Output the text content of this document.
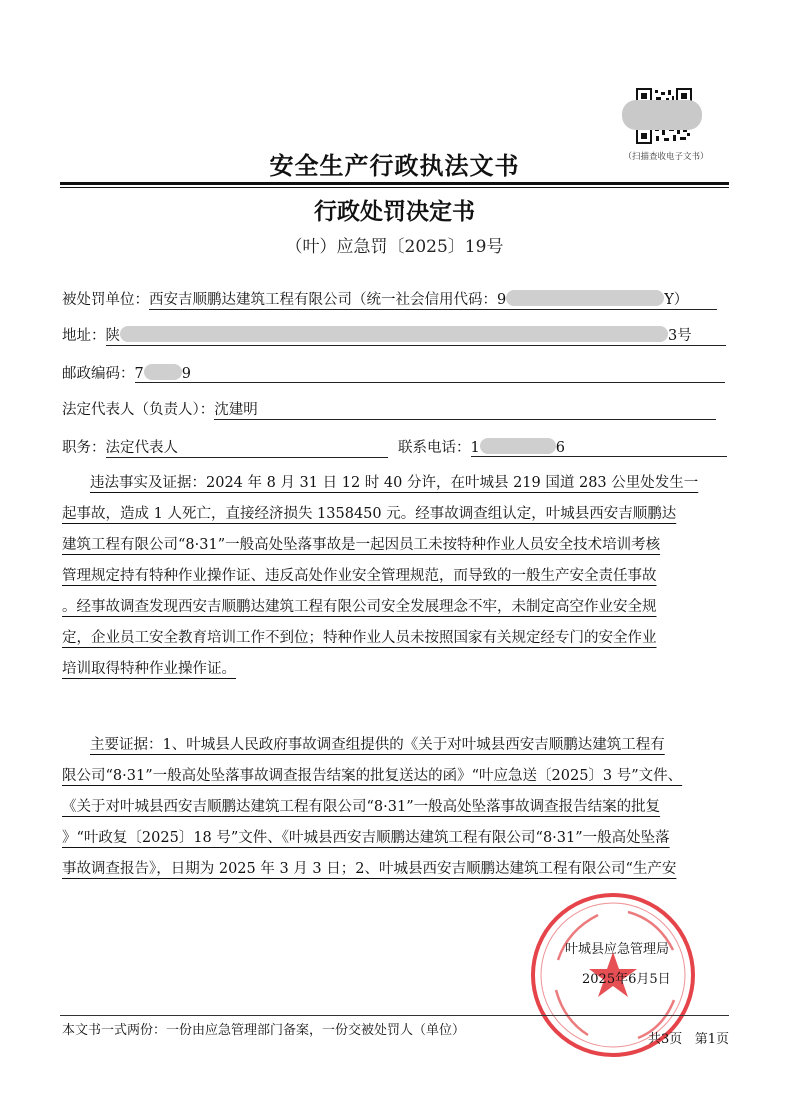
（扫描查收电子文书）
安全生产行政执法文书
行政处罚决定书
（叶）应急罚〔2025〕19号
被处罚单位：西安吉顺鹏达建筑工程有限公司（统一社会信用代码：9	Y）
地址：陕	3号
邮政编码：7	9
法定代表人（负责人）：沈建明
职务：法定代表人	联系电话：1	6
违法事实及证据：2024 年 8 月 31 日 12 时 40 分许，在叶城县 219 国道 283 公里处发生一
起事故，造成 1 人死亡，直接经济损失 1358450 元。经事故调查组认定，叶城县西安吉顺鹏达
建筑工程有限公司“8·31”一般高处坠落事故是一起因员工未按特种作业人员安全技术培训考核
管理规定持有特种作业操作证、违反高处作业安全管理规范，而导致的一般生产安全责任事故
。经事故调查发现西安吉顺鹏达建筑工程有限公司安全发展理念不牢，未制定高空作业安全规
定，企业员工安全教育培训工作不到位；特种作业人员未按照国家有关规定经专门的安全作业
培训取得特种作业操作证。
主要证据：1、叶城县人民政府事故调查组提供的《关于对叶城县西安吉顺鹏达建筑工程有
限公司“8·31”一般高处坠落事故调查报告结案的批复送达的函》“叶应急送〔2025〕3 号”文件、
《关于对叶城县西安吉顺鹏达建筑工程有限公司“8·31”一般高处坠落事故调查报告结案的批复
》“叶政复〔2025〕18 号”文件、《叶城县西安吉顺鹏达建筑工程有限公司“8·31”一般高处坠落
事故调查报告》，日期为 2025 年 3 月 3 日；2、叶城县西安吉顺鹏达建筑工程有限公司“生产安
叶城县应急管理局
2025年6月5日
本文书一式两份：一份由应急管理部门备案，一份交被处罚人（单位）
共3页 第1页
